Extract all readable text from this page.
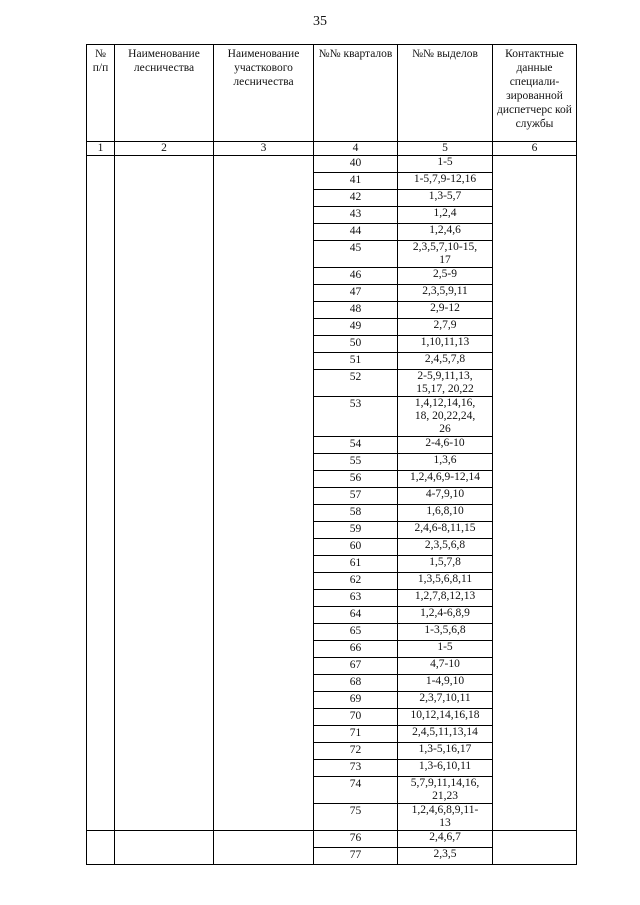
35
№
п/п	Наименование лесничества	Наименование участкового лесничества	№№ кварталов	№№ выделов	Контактные данные специали-зированной диспетчерс кой службы

1	2	3	4	5	6
			40	1-5	
			41	1-5,7,9-12,16	
			42	1,3-5,7	
			43	1,2,4	
			44	1,2,4,6	
			45	2,3,5,7,10-15,
17	
			46	2,5-9	
			47	2,3,5,9,11	
			48	2,9-12	
			49	2,7,9	
			50	1,10,11,13	
			51	2,4,5,7,8	
			52	2-5,9,11,13,
15,17, 20,22	
			53	1,4,12,14,16,
18, 20,22,24,
26	
			54	2-4,6-10	
			55	1,3,6	
			56	1,2,4,6,9-12,14	
			57	4-7,9,10	
			58	1,6,8,10	
			59	2,4,6-8,11,15	
			60	2,3,5,6,8	
			61	1,5,7,8	
			62	1,3,5,6,8,11	
			63	1,2,7,8,12,13	
			64	1,2,4-6,8,9	
			65	1-3,5,6,8	
			66	1-5	
			67	4,7-10	
			68	1-4,9,10	
			69	2,3,7,10,11	
			70	10,12,14,16,18	
			71	2,4,5,11,13,14	
			72	1,3-5,16,17	
			73	1,3-6,10,11	
			74	5,7,9,11,14,16,
21,23	
			75	1,2,4,6,8,9,11-
13	
			76	2,4,6,7	
			77	2,3,5	
